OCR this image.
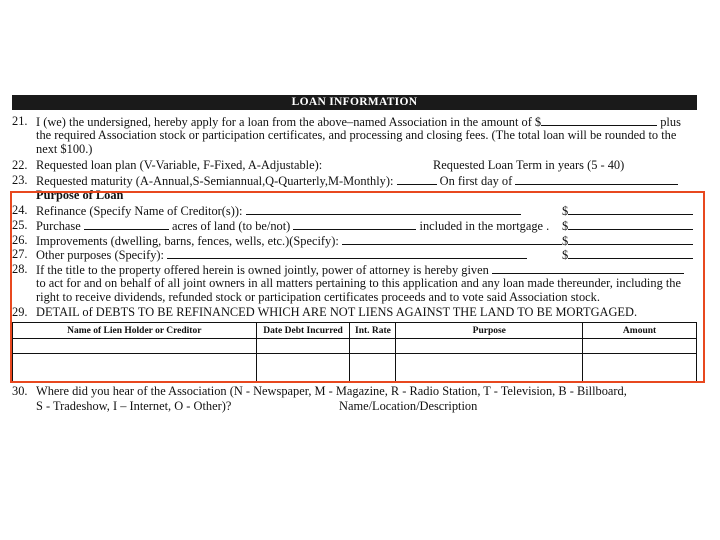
LOAN INFORMATION
21. I (we) the undersigned, hereby apply for a loan from the above–named Association in the amount of $	plus
the required Association stock or participation certificates, and processing and closing fees. (The total loan will be rounded to the
next $100.)
22. Requested loan plan (V-Variable, F-Fixed, A-Adjustable):	Requested Loan Term in years (5 - 40)
23. Requested maturity (A-Annual,S-Semiannual,Q-Quarterly,M-Monthly):	On first day of
Purpose of Loan
24. Refinance (Specify Name of Creditor(s)):	$
25. Purchase	acres of land (to be/not)	included in the mortgage . $
26. Improvements (dwelling, barns, fences, wells, etc.)(Specify):	$
27. Other purposes (Specify):	$
28. If the title to the property offered herein is owned jointly, power of attorney is hereby given
to act for and on behalf of all joint owners in all matters pertaining to this application and any loan made thereunder, including the
right to receive dividends, refunded stock or participation certificates proceeds and to vote said Association stock.
29. DETAIL of DEBTS TO BE REFINANCED WHICH ARE NOT LIENS AGAINST THE LAND TO BE MORTGAGED.
Name of Lien Holder or Creditor	Date Debt Incurred	Int. Rate	Purpose	Amount

30. Where did you hear of the Association (N - Newspaper, M - Magazine, R - Radio Station, T - Television, B - Billboard,
S - Tradeshow, I – Internet, O - Other)?	Name/Location/Description
